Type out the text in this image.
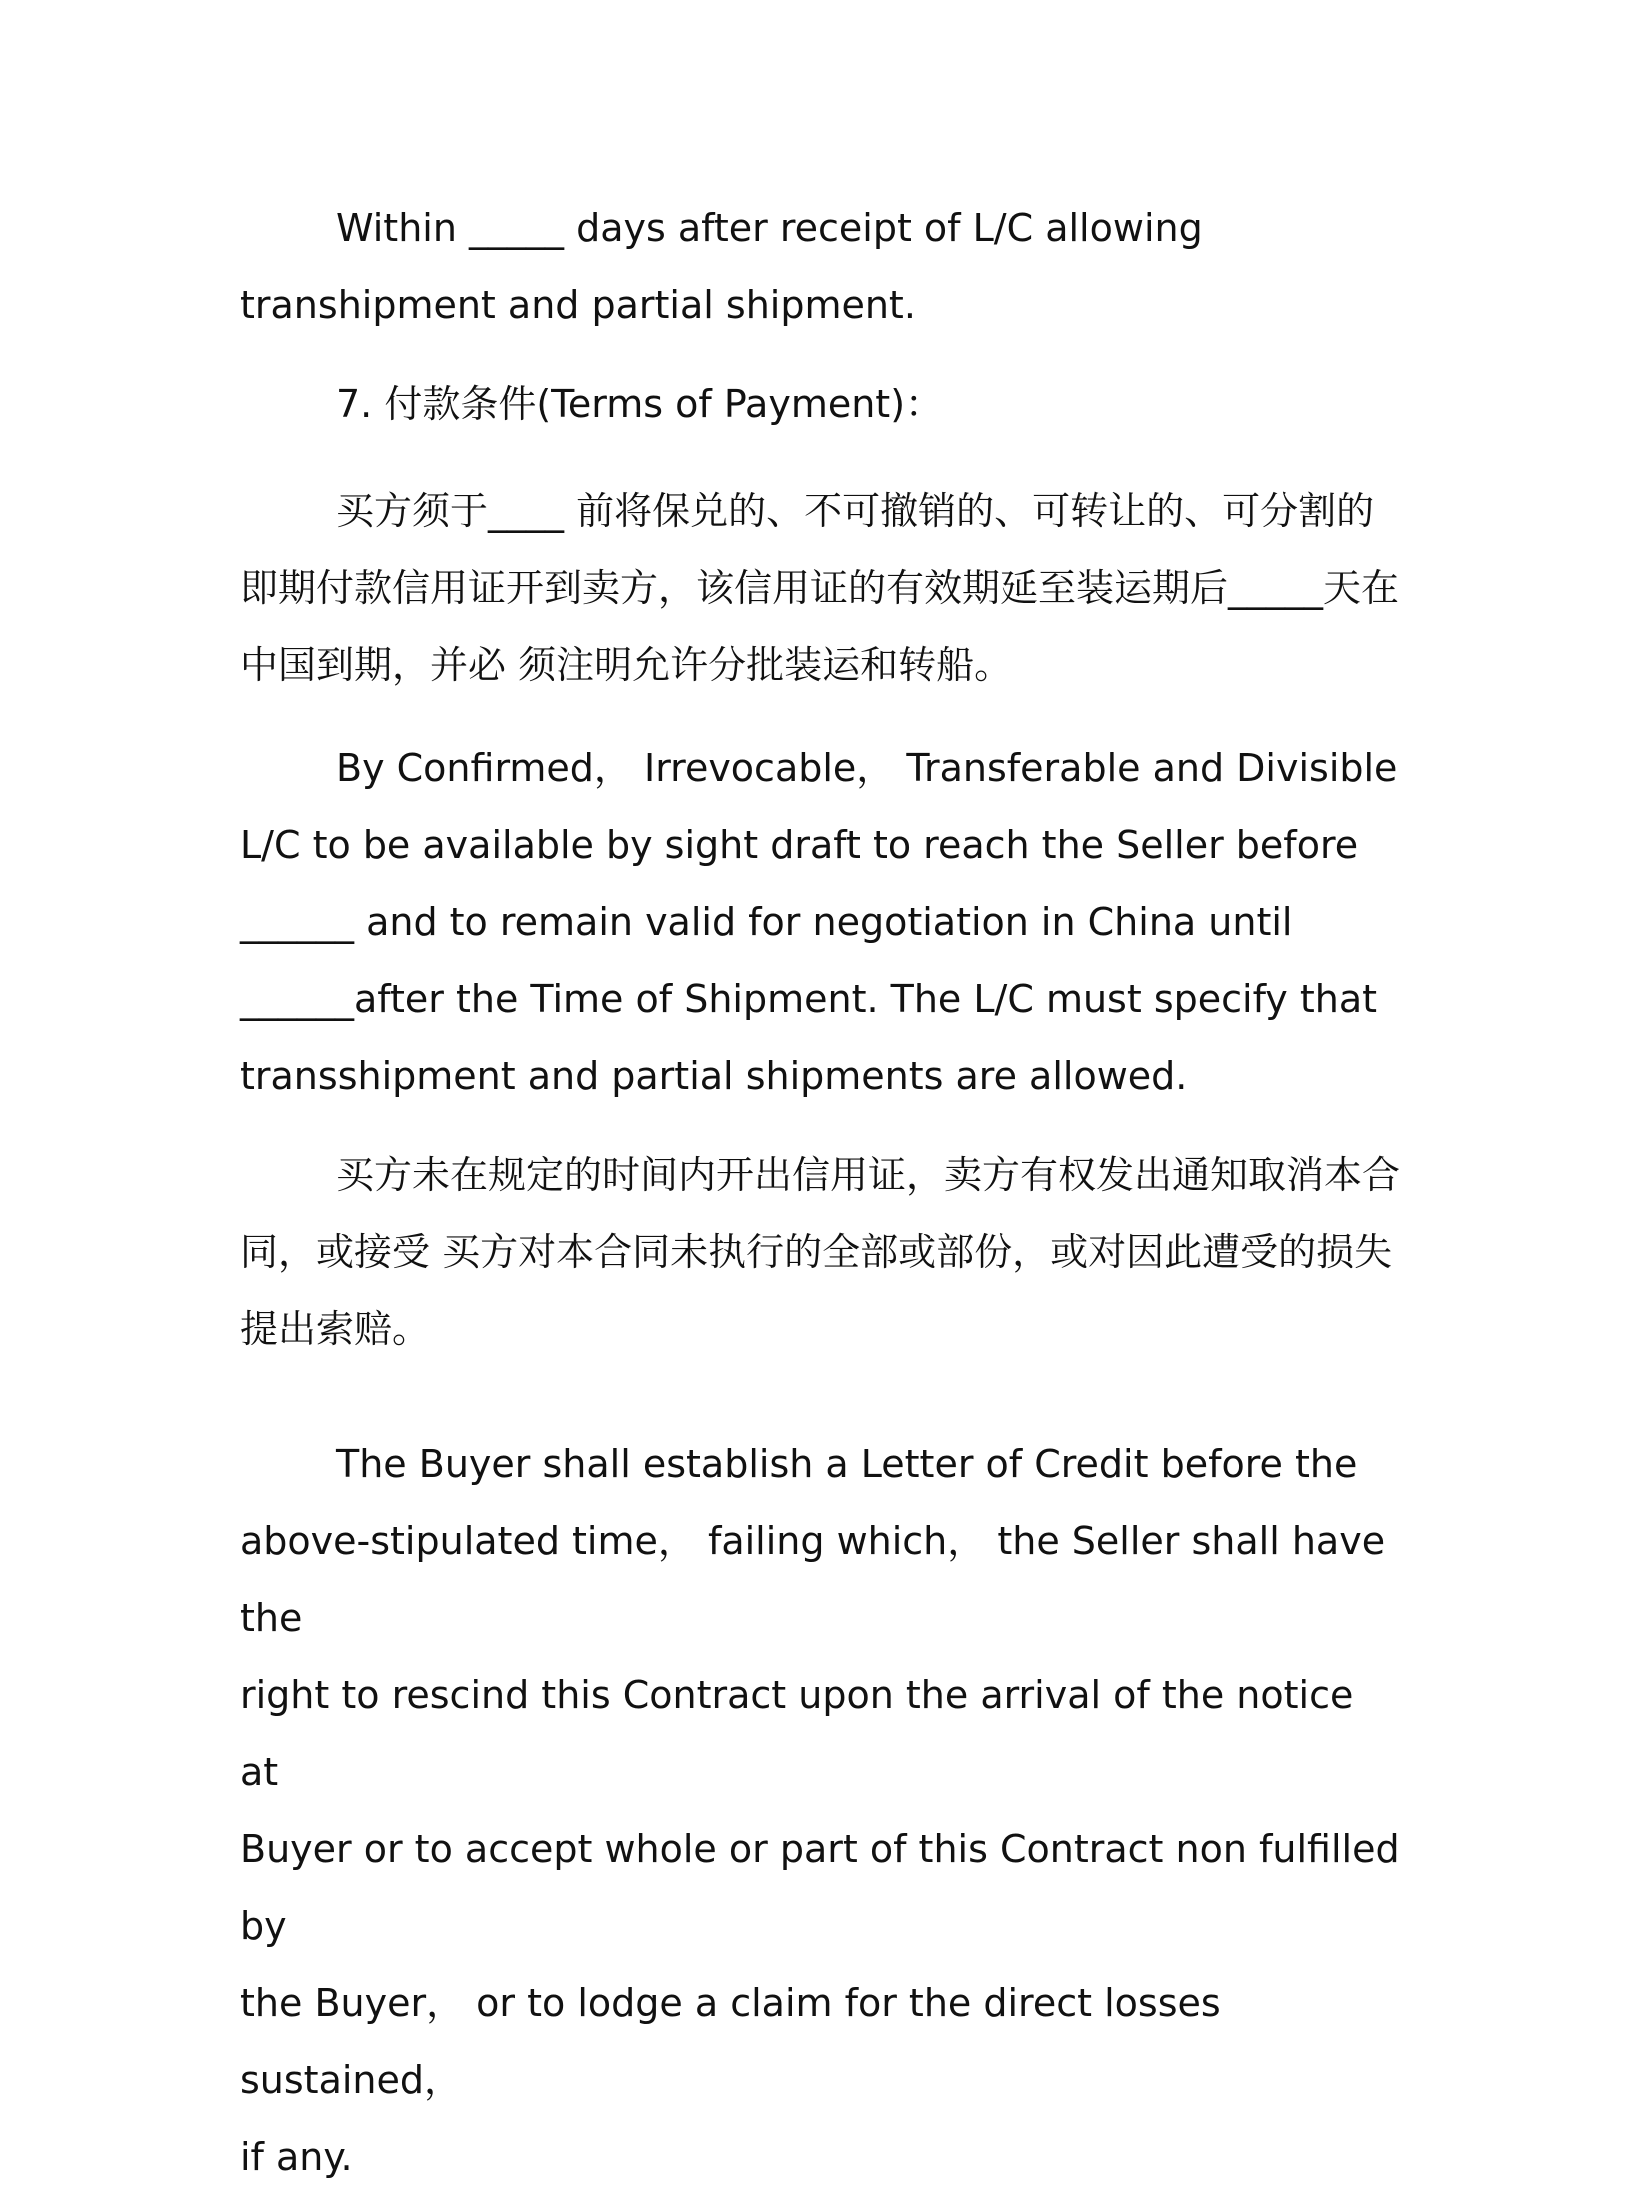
Within _____ days after receipt of L/C allowing
transhipment and partial shipment.

7. 付款条件(Terms of Payment)：

买方须于____ 前将保兑的、不可撤销的、可转让的、可分割的
即期付款信用证开到卖方，该信用证的有效期延至装运期后_____天在
中国到期，并必 须注明允许分批装运和转船。

By Confirmed， Irrevocable， Transferable and Divisible
L/C to be available by sight draft to reach the Seller before
______ and to remain valid for negotiation in China until
______after the Time of Shipment. The L/C must specify that
transshipment and partial shipments are allowed.

买方未在规定的时间内开出信用证，卖方有权发出通知取消本合
同，或接受 买方对本合同未执行的全部或部份，或对因此遭受的损失
提出索赔。

The Buyer shall establish a Letter of Credit before the
above-stipulated time， failing which， the Seller shall have the
right to rescind this Contract upon the arrival of the notice at
Buyer or to accept whole or part of this Contract non fulfilled by
the Buyer， or to lodge a claim for the direct losses sustained，
if any.
